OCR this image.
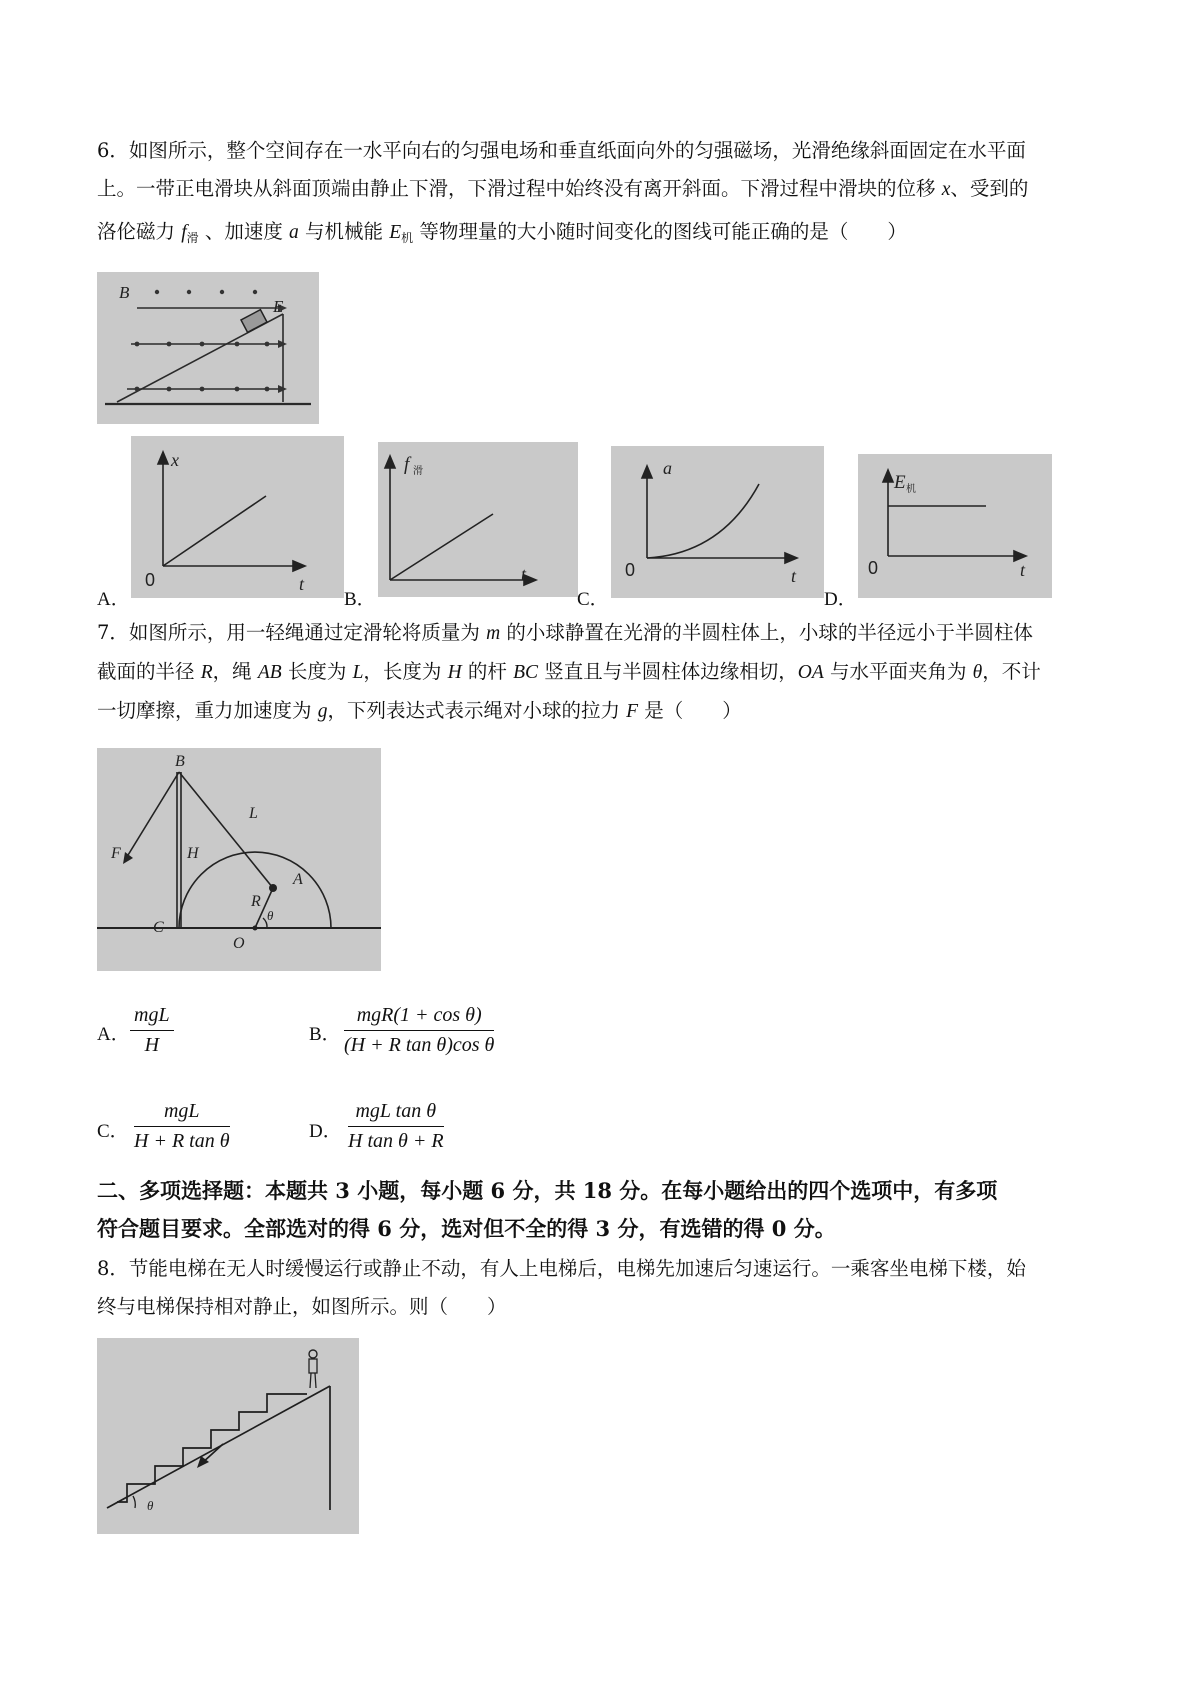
6．如图所示，整个空间存在一水平向右的匀强电场和垂直纸面向外的匀强磁场，光滑绝缘斜面固定在水平面
上。一带正电滑块从斜面顶端由静止下滑，下滑过程中始终没有离开斜面。下滑过程中滑块的位移 x、受到的
洛伦磁力 $f_滑$ 、加速度 a 与机械能 $E_机$ 等物理量的大小随时间变化的图线可能正确的是（　　）
B
E
A．
x
t
0
B．
f 滑
t
C．
a
t
0
D．
E 机
t
0
7．如图所示，用一轻绳通过定滑轮将质量为 m 的小球静置在光滑的半圆柱体上，小球的半径远小于半圆柱体
截面的半径 R，绳 AB 长度为 L，长度为 H 的杆 BC 竖直且与半圆柱体边缘相切，OA 与水平面夹角为 θ，不计
一切摩擦，重力加速度为 g，下列表达式表示绳对小球的拉力 F 是（　　）
B
L
F	H
A
R
θ
C
O
A．
mgL
H	B．
mgR(1 + cos θ)
(H + R tan θ)cos θ
C．
mgL
H + R tan θ	D．
mgL tan θ
H tan θ + R
二、多项选择题：本题共 3 小题，每小题 6 分，共 18 分。在每小题给出的四个选项中，有多项
符合题目要求。全部选对的得 6 分，选对但不全的得 3 分，有选错的得 0 分。
8．节能电梯在无人时缓慢运行或静止不动，有人上电梯后，电梯先加速后匀速运行。一乘客坐电梯下楼，始
终与电梯保持相对静止，如图所示。则（　　）
θ
